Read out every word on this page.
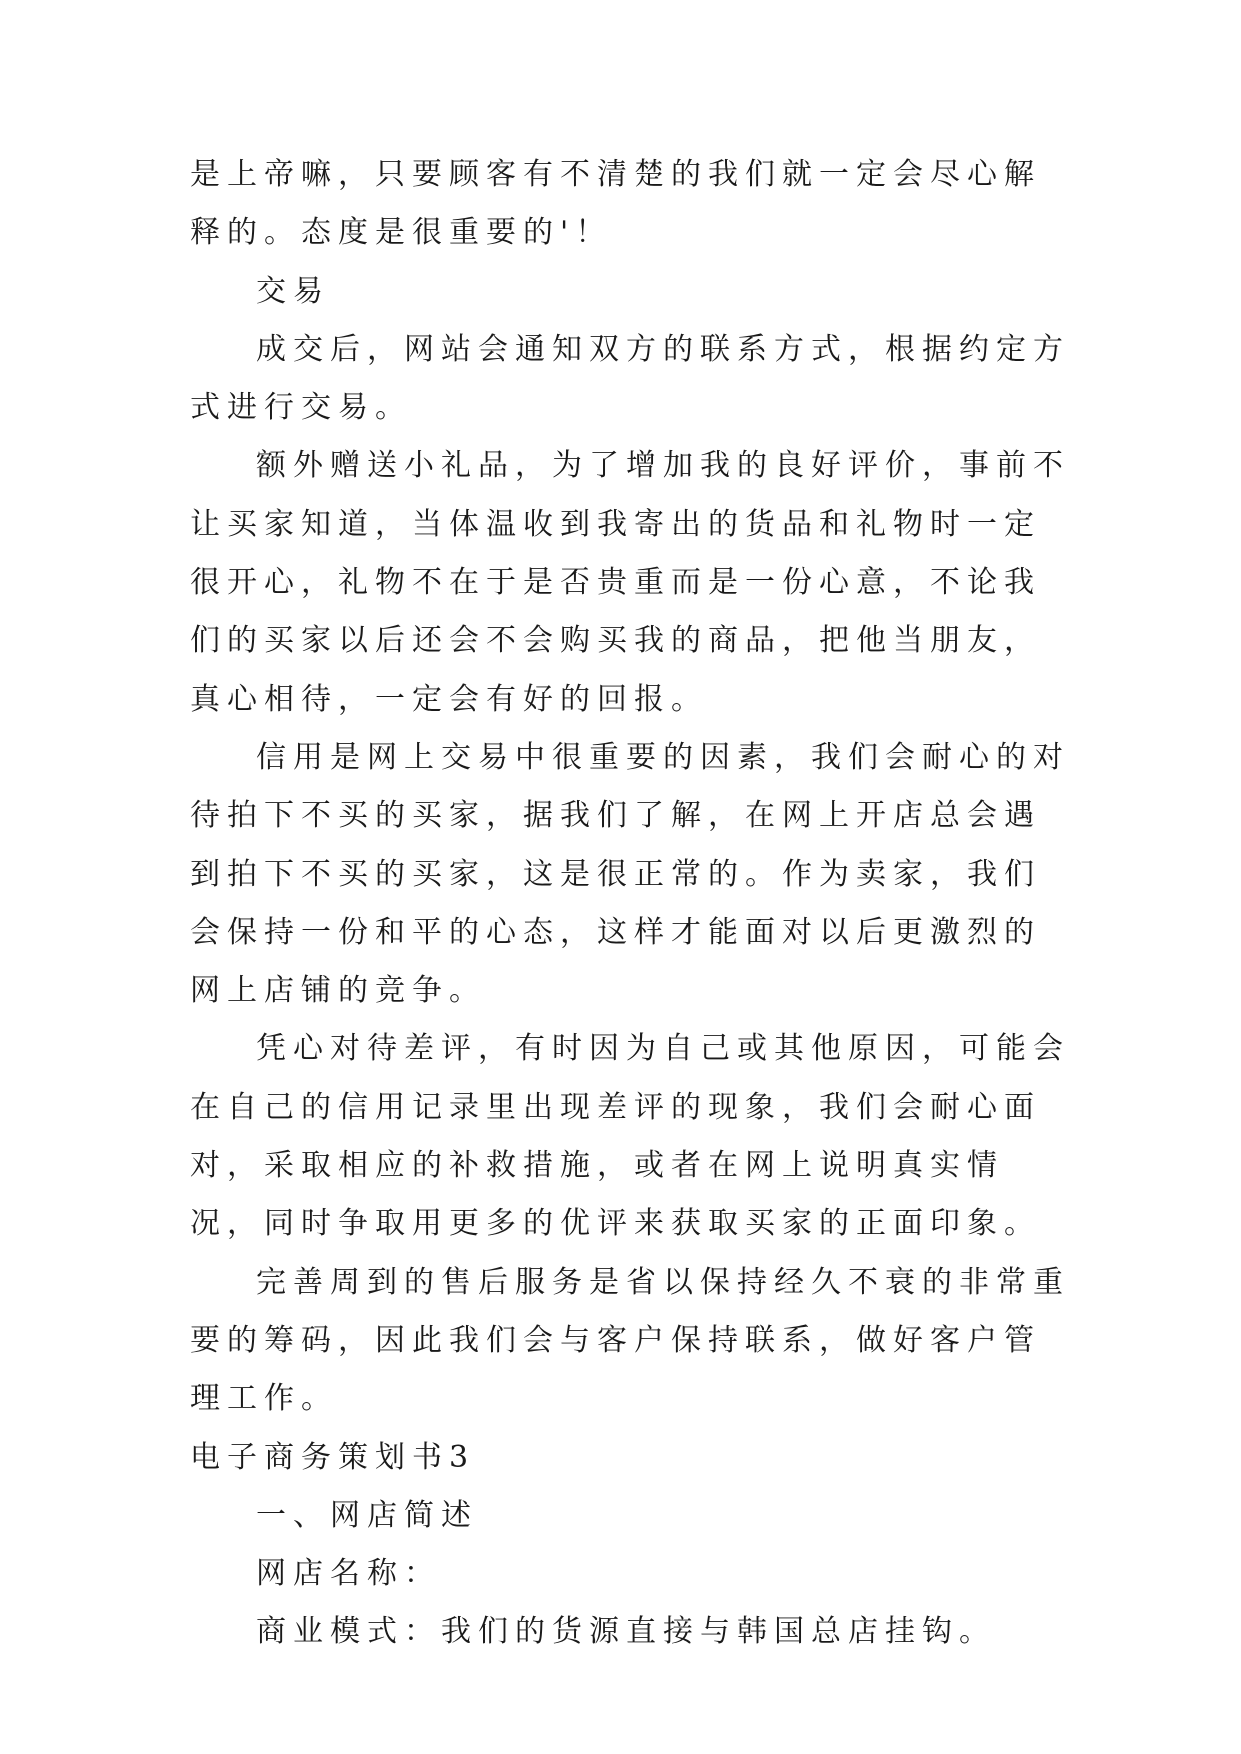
是上帝嘛，只要顾客有不清楚的我们就一定会尽心解释的。态度是很重要的'！

交易

成交后，网站会通知双方的联系方式，根据约定方式进行交易。

额外赠送小礼品，为了增加我的良好评价，事前不让买家知道，当体温收到我寄出的货品和礼物时一定很开心，礼物不在于是否贵重而是一份心意，不论我们的买家以后还会不会购买我的商品，把他当朋友，真心相待，一定会有好的回报。

信用是网上交易中很重要的因素，我们会耐心的对待拍下不买的买家，据我们了解，在网上开店总会遇到拍下不买的买家，这是很正常的。作为卖家，我们会保持一份和平的心态，这样才能面对以后更激烈的网上店铺的竞争。

凭心对待差评，有时因为自己或其他原因，可能会在自己的信用记录里出现差评的现象，我们会耐心面对，采取相应的补救措施，或者在网上说明真实情况，同时争取用更多的优评来获取买家的正面印象。

完善周到的售后服务是省以保持经久不衰的非常重要的筹码，因此我们会与客户保持联系，做好客户管理工作。

电子商务策划书3

一、网店简述

网店名称：

商业模式：我们的货源直接与韩国总店挂钩。
